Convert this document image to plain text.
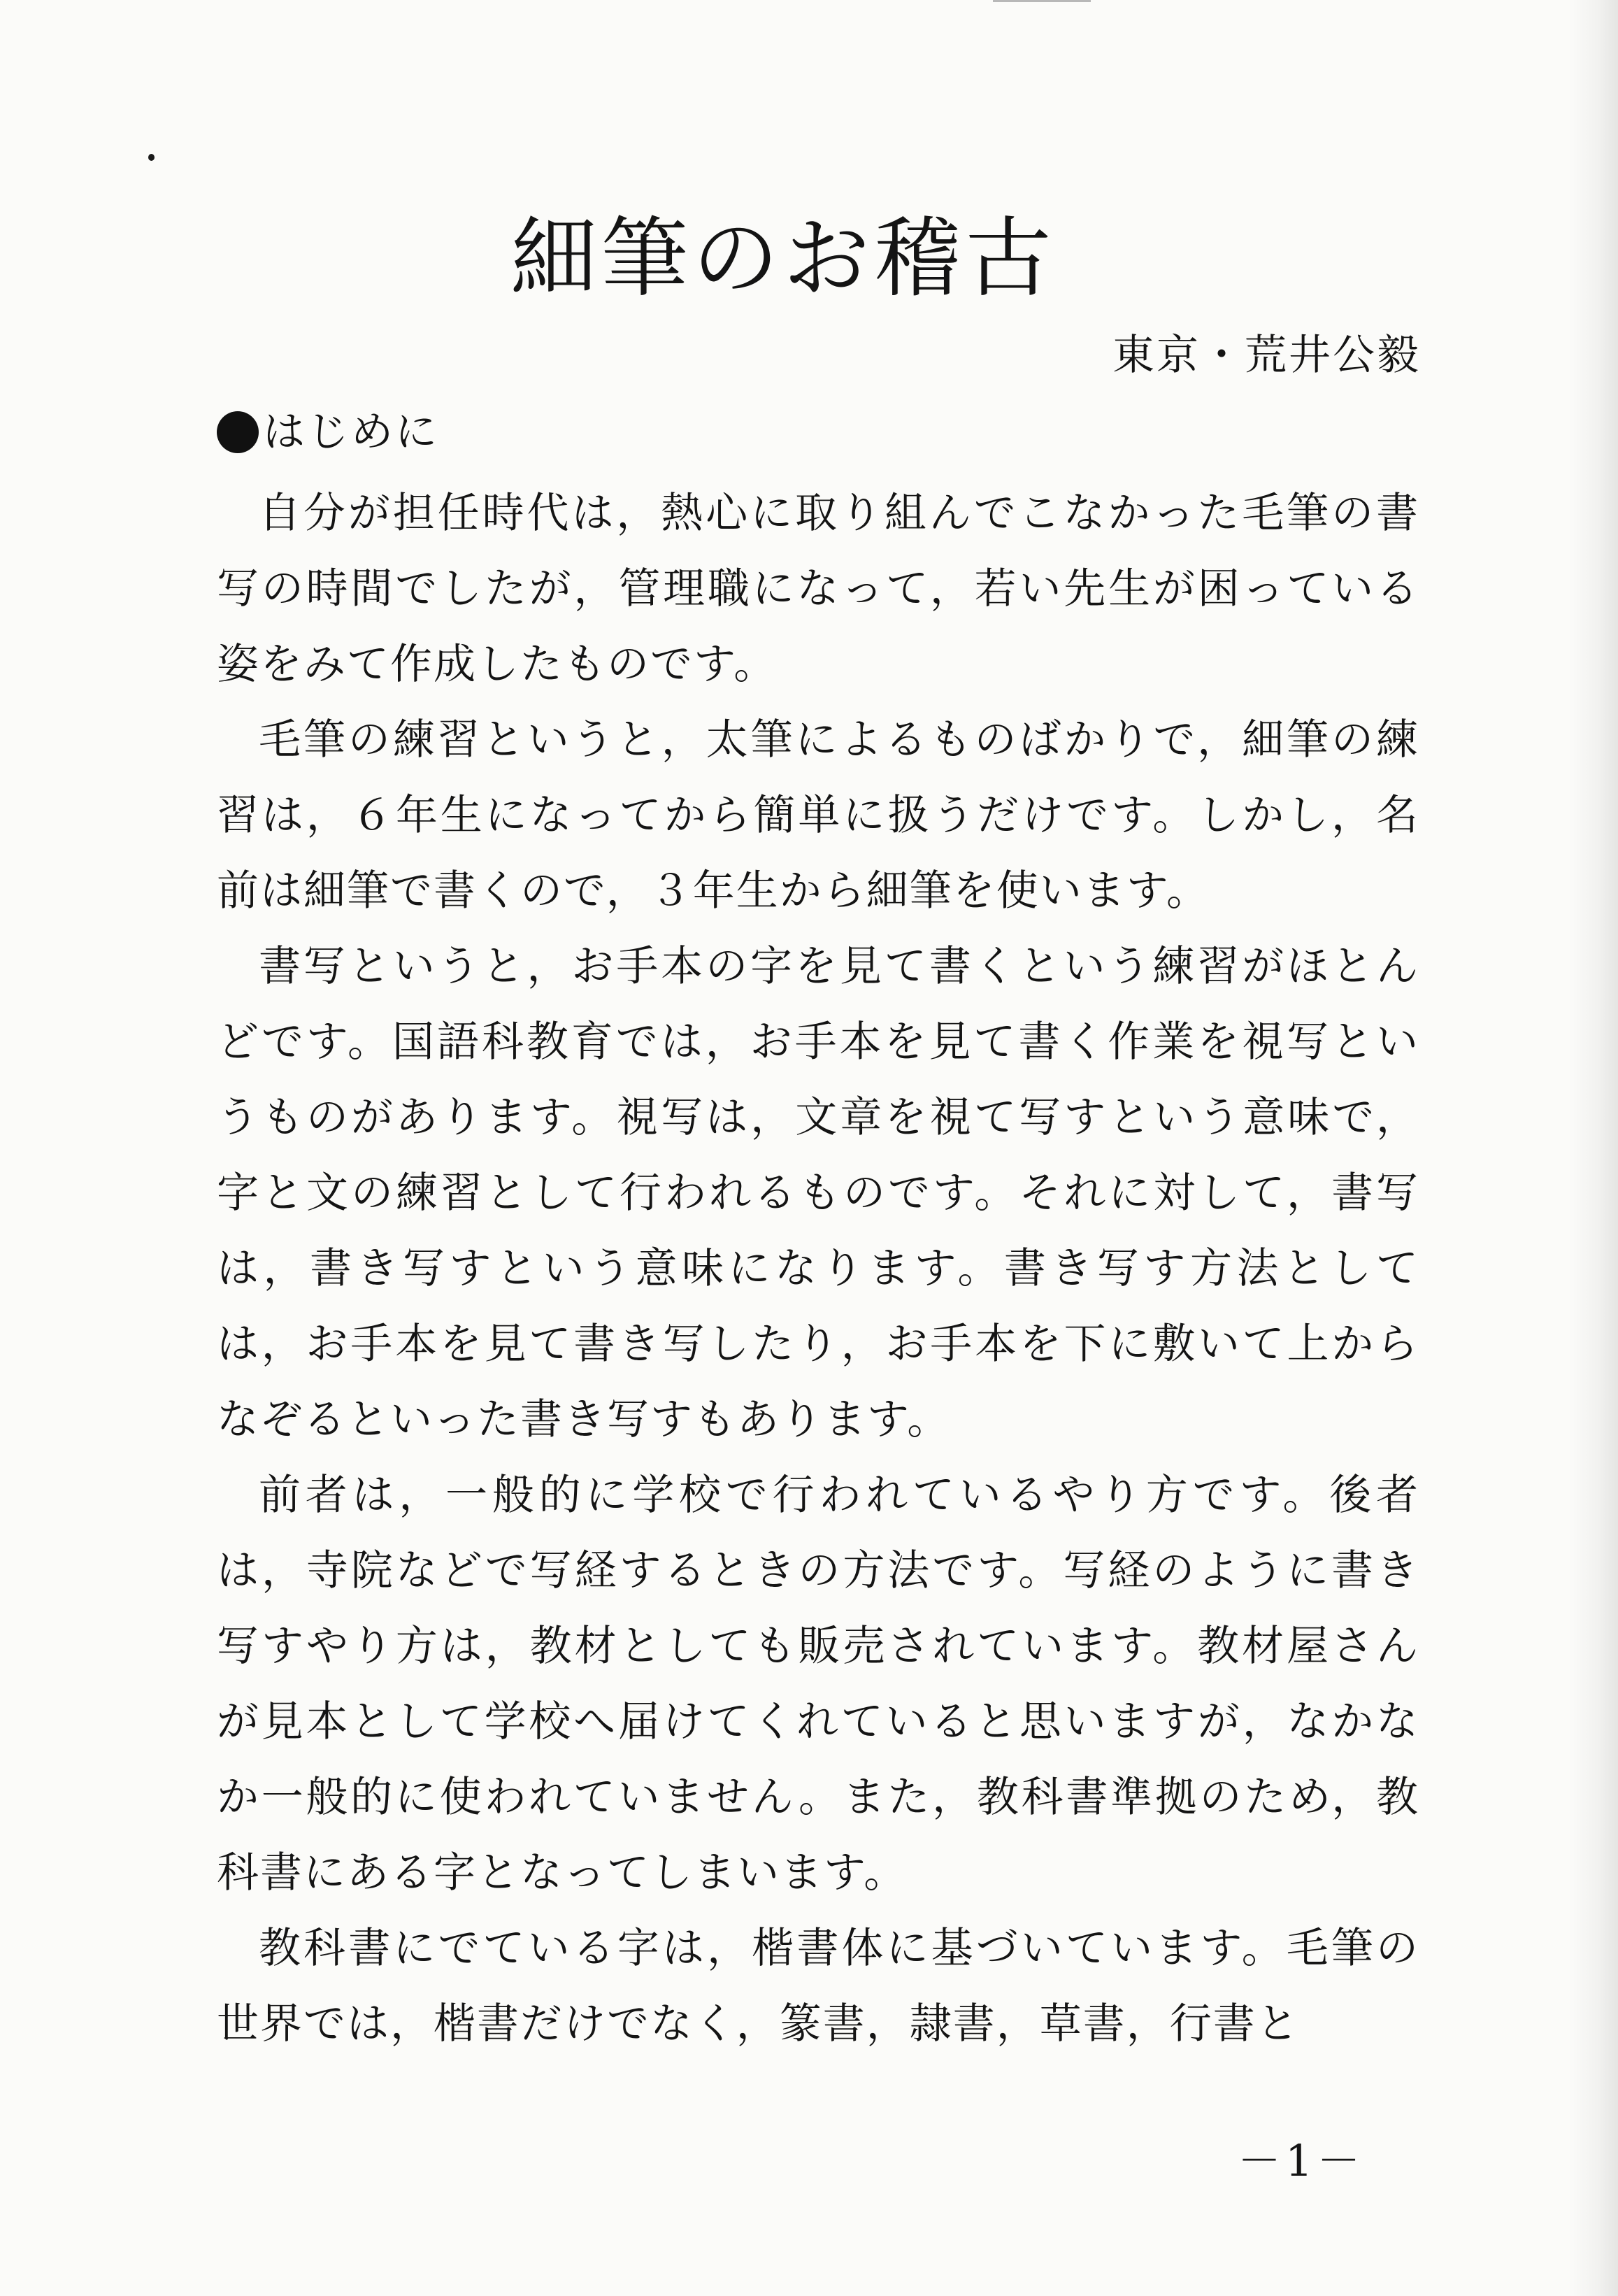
細筆のお稽古
東京・荒井公毅
はじめに

自分が担任時代は，熱心に取り組んでこなかった毛筆の書写の時間でしたが，管理職になって，若い先生が困っている姿をみて作成したものです。

毛筆の練習というと，太筆によるものばかりで，細筆の練習は，６年生になってから簡単に扱うだけです。しかし，名前は細筆で書くので，３年生から細筆を使います。

書写というと，お手本の字を見て書くという練習がほとんどです。国語科教育では，お手本を見て書く作業を視写というものがあります。視写は，文章を視て写すという意味で，字と文の練習として行われるものです。それに対して，書写は，書き写すという意味になります。書き写す方法としては，お手本を見て書き写したり，お手本を下に敷いて上からなぞるといった書き写すもあります。

前者は，一般的に学校で行われているやり方です。後者は，寺院などで写経するときの方法です。写経のように書き写すやり方は，教材としても販売されています。教材屋さんが見本として学校へ届けてくれていると思いますが，なかなか一般的に使われていません。また，教科書準拠のため，教科書にある字となってしまいます。

教科書にでている字は，楷書体に基づいています。毛筆の世界では，楷書だけでなく，篆書，隷書，草書，行書と

－1－
